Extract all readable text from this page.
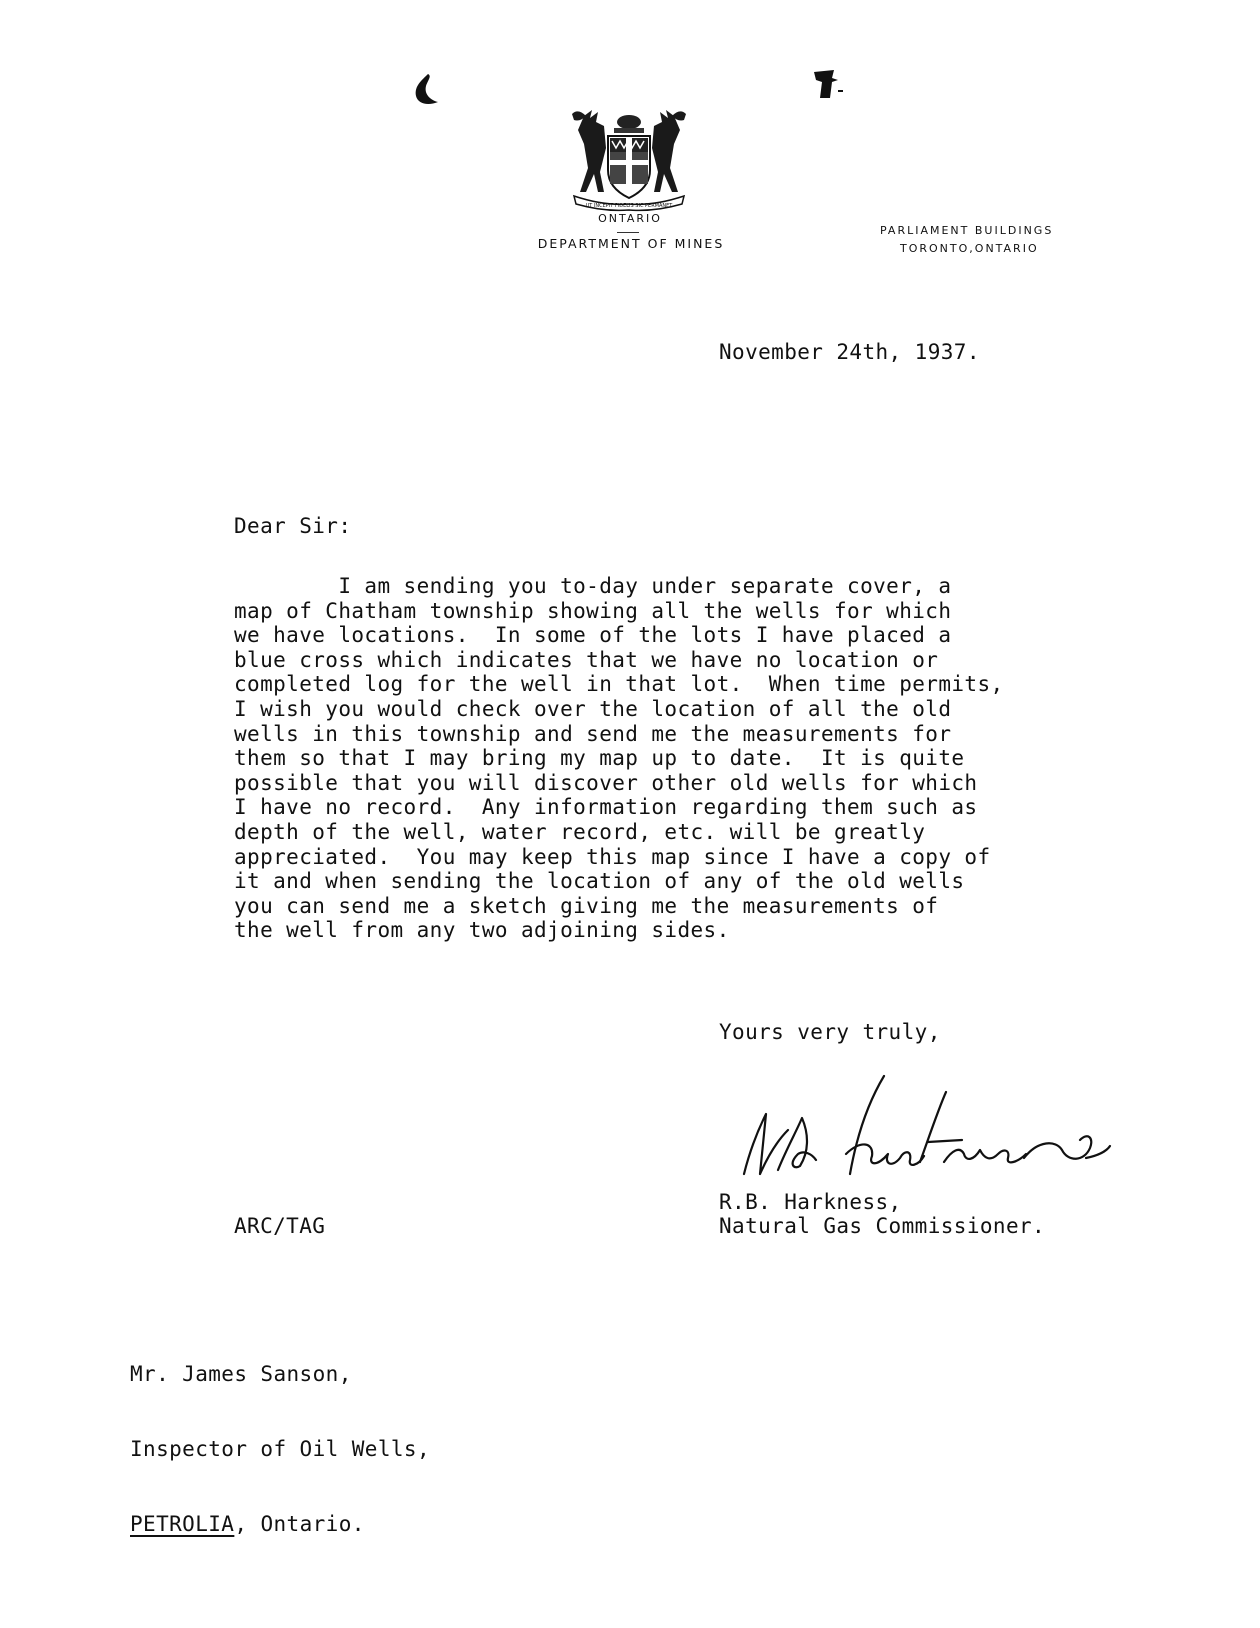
UT INCEPIT FIDELIS SIC PERMANET
ONTARIO
DEPARTMENT OF MINES
PARLIAMENT BUILDINGS
TORONTO,ONTARIO
November 24th, 1937.
Dear Sir:
I am sending you to-day under separate cover, a
map of Chatham township showing all the wells for which
we have locations.  In some of the lots I have placed a
blue cross which indicates that we have no location or
completed log for the well in that lot.  When time permits,
I wish you would check over the location of all the old
wells in this township and send me the measurements for
them so that I may bring my map up to date.  It is quite
possible that you will discover other old wells for which
I have no record.  Any information regarding them such as
depth of the well, water record, etc. will be greatly
appreciated.  You may keep this map since I have a copy of
it and when sending the location of any of the old wells
you can send me a sketch giving me the measurements of
the well from any two adjoining sides.
Yours very truly,
R.B. Harkness,
Natural Gas Commissioner.
ARC/TAG

Mr. James Sanson,

Inspector of Oil Wells,

PETROLIA, Ontario.
